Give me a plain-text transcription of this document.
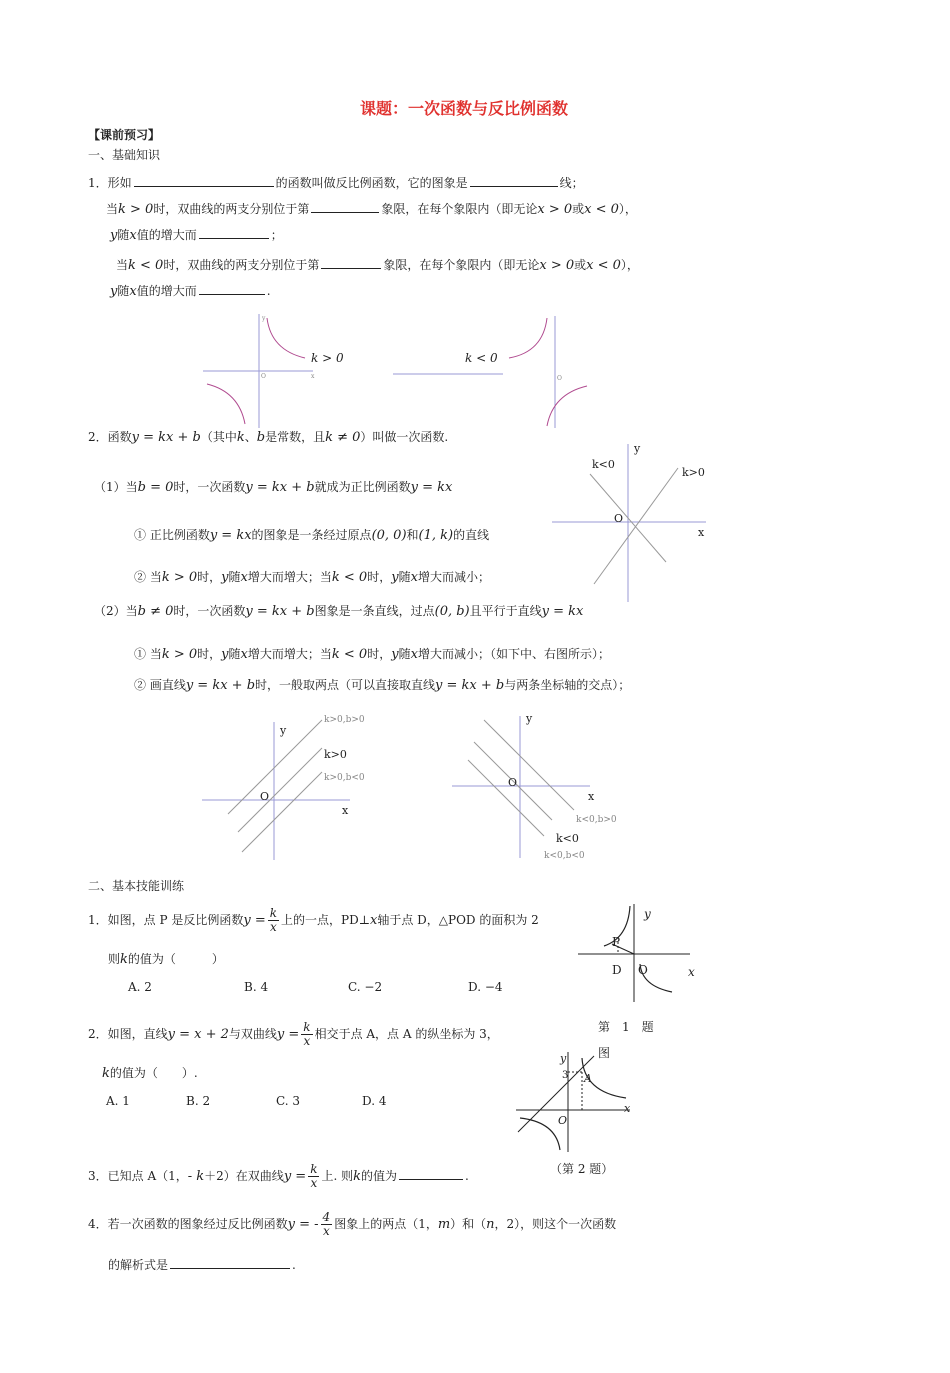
课题：一次函数与反比例函数
【课前预习】
一、基础知识
1．形如	的函数叫做反比例函数，它的图象是	线；
当k > 0时，双曲线的两支分别位于第	象限，在每个象限内（即无论x > 0或x < 0），
y随x值的增大而	；
当k < 0时，双曲线的两支分别位于第	象限，在每个象限内（即无论x > 0或x < 0），
y随x值的增大而	.
O	x
y
k > 0	k < 0
O
2．函数y = kx + b（其中k、b是常数，且k ≠ 0）叫做一次函数.
（1）当b = 0时，一次函数y = kx + b就成为正比例函数y = kx
① 正比例函数y = kx的图象是一条经过原点(0, 0)和(1, k)的直线
② 当k > 0时，y随x增大而增大；当k < 0时，y随x增大而减小；
k<0
k>0
O
y
x
（2）当b ≠ 0时，一次函数y = kx + b图象是一条直线，过点(0, b)且平行于直线y = kx
① 当k > 0时，y随x增大而增大；当k < 0时，y随x增大而减小；（如下中、右图所示）；
② 画直线y = kx + b时，一般取两点（可以直接取直线y = kx + b与两条坐标轴的交点）；
k>0,b>0
k>0
k>0,b<0
O
y
x
y
O
x
k<0,b>0
k<0
k<0,b<0
二、基本技能训练
1．如图，点 P 是反比例函数$y = \frac{k}{x}$ 上的一点，PD⊥x轴于点 D，△POD 的面积为 2
则k的值为（　　　）
A. 2	B. 4	C. −2	D. −4
y
x
P
D O
第　1　题
图
2．如图，直线y = x + 2与双曲线$y = \frac{k}{x}$ 相交于点 A，点 A 的纵坐标为 3，
k的值为（　　）.
A. 1	B. 2	C. 3	D. 4
y
x
A
3
O
（第 2 题）
3．已知点 A（1，- k＋2）在双曲线$y = \frac{k}{x}$ 上. 则k的值为	.
4．若一次函数的图象经过反比例函数y = - $\frac{4}{x}$ 图象上的两点（1，m）和（n，2），则这个一次函数
的解析式是	.
